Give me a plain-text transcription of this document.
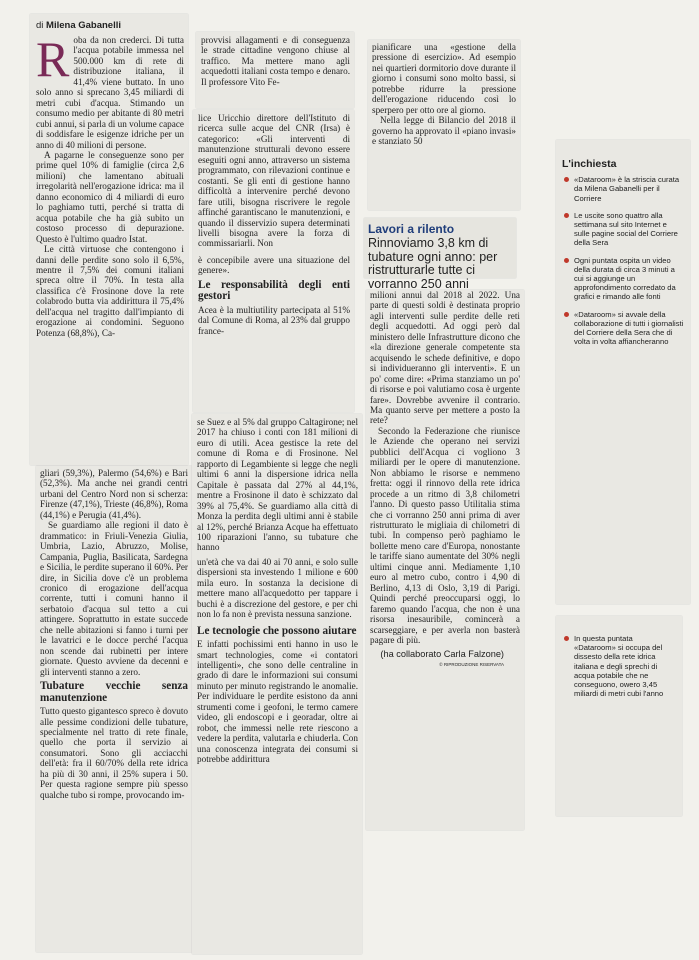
di Milena Gabanelli
R oba da non crederci. Di tutta l'acqua potabile immessa nel 500.000 km di rete di distribuzione italiana, il 41,4% viene buttato. In uno solo anno si sprecano 3,45 miliardi di metri cubi d'acqua. Stimando un consumo medio per abitante di 80 metri cubi annui, si parla di un volume capace di soddisfare le esigenze idriche per un anno di 40 milioni di persone.

A pagarne le conseguenze sono per prime quel 10% di famiglie (circa 2,6 milioni) che lamentano abituali irregolarità nell'erogazione idrica: ma il danno economico di 4 miliardi di euro lo paghiamo tutti, perché si tratta di acqua potabile che ha già subito un costoso processo di depurazione. Questo è l'ultimo quadro Istat.

Le città virtuose che contengono i danni delle perdite sono solo il 6,5%, mentre il 7,5% dei comuni italiani spreca oltre il 70%. In testa alla classifica c'è Frosinone dove la rete colabrodo butta via addirittura il 75,4% dell'acqua nel tragitto dall'impianto di erogazione ai condomini. Seguono Potenza (68,8%), Ca-

gliari (59,3%), Palermo (54,6%) e Bari (52,3%). Ma anche nei grandi centri urbani del Centro Nord non si scherza: Firenze (47,1%), Trieste (46,8%), Roma (44,1%) e Perugia (41,4%).

Se guardiamo alle regioni il dato è drammatico: in Friuli-Venezia Giulia, Umbria, Lazio, Abruzzo, Molise, Campania, Puglia, Basilicata, Sardegna e Sicilia, le perdite superano il 60%. Per dire, in Sicilia dove c'è un problema cronico di erogazione dell'acqua corrente, tutti i comuni hanno il serbatoio d'acqua sul tetto a cui attingere. Soprattutto in estate succede che nelle abitazioni si fanno i turni per le lavatrici e le docce perché l'acqua non scende dai rubinetti per intere giornate. Questo avviene da decenni e gli interventi stanno a zero.

Tubature vecchie senza manutenzione

Tutto questo gigantesco spreco è dovuto alle pessime condizioni delle tubature, specialmente nel tratto di rete finale, quello che porta il servizio ai consumatori. Sono gli acciacchi dell'età: fra il 60/70% della rete idrica ha più di 30 anni, il 25% supera i 50. Per questa ragione sempre più spesso qualche tubo si rompe, provocando im-

provvisi allagamenti e di conseguenza le strade cittadine vengono chiuse al traffico. Ma mettere mano agli acquedotti italiani costa tempo e denaro. Il professore Vito Fe-

lice Uricchio direttore dell'Istituto di ricerca sulle acque del CNR (Irsa) è categorico: «Gli interventi di manutenzione strutturali devono essere eseguiti ogni anno, attraverso un sistema programmato, con rilevazioni continue e costanti. Se gli enti di gestione hanno difficoltà a intervenire perché devono fare utili, bisogna riscrivere le regole affinché garantiscano le manutenzioni, e quando il disservizio supera determinati livelli bisogna avere la forza di commissariarli. Non

è concepibile avere una situazione del genere».

Le responsabilità degli enti gestori

Acea è la multiutility partecipata al 51% dal Comune di Roma, al 23% dal gruppo france-

se Suez e al 5% dal gruppo Caltagirone; nel 2017 ha chiuso i conti con 181 milioni di euro di utili. Acea gestisce la rete del comune di Roma e di Frosinone. Nel rapporto di Legambiente si legge che negli ultimi 6 anni la dispersione idrica nella Capitale è passata dal 27% al 44,1%, mentre a Frosinone il dato è schizzato dal 39% al 75,4%. Se guardiamo alla città di Monza la perdita degli ultimi anni è stabile al 12%, perché Brianza Acque ha effettuato 100 riparazioni l'anno, su tubature che hanno

un'età che va dai 40 ai 70 anni, e solo sulle dispersioni sta investendo 1 milione e 600 mila euro. In sostanza la decisione di mettere mano all'acquedotto per tappare i buchi è a discrezione del gestore, e per chi non lo fa non è prevista nessuna sanzione.

Le tecnologie che possono aiutare

E infatti pochissimi enti hanno in uso le smart technologies, come «i contatori intelligenti», che sono delle centraline in grado di dare le informazioni sui consumi minuto per minuto registrando le anomalie. Per individuare le perdite esistono da anni strumenti come i geofoni, le termo camere video, gli endoscopi e i georadar, oltre ai robot, che immessi nelle rete riescono a vedere la perdita, valutarla e chiuderla. Con una conoscenza integrata dei consumi si potrebbe addirittura

pianificare una «gestione della pressione di esercizio». Ad esempio nei quartieri dormitorio dove durante il giorno i consumi sono molto bassi, si potrebbe ridurre la pressione dell'erogazione riducendo così lo sperpero per otto ore al giorno.

Nella legge di Bilancio del 2018 il governo ha approvato il «piano invasi» e stanziato 50

Lavori a rilento
Rinnoviamo 3,8 km di tubature ogni anno: per ristrutturarle tutte ci vorranno 250 anni

milioni annui dal 2018 al 2022. Una parte di questi soldi è destinata proprio agli interventi sulle perdite delle reti degli acquedotti. Ad oggi però dal ministero delle Infrastrutture dicono che «la direzione generale competente sta acquisendo le schede definitive, e dopo si individueranno gli interventi». E un po' come dire: «Prima stanziamo un po' di risorse e poi valutiamo cosa è urgente fare». Dovrebbe avvenire il contrario. Ma quanto serve per mettere a posto la rete?

Secondo la Federazione che riunisce le Aziende che operano nei servizi pubblici dell'Acqua ci vogliono 3 miliardi per le opere di manutenzione. Non abbiamo le risorse e nemmeno fretta: oggi il rinnovo della rete idrica procede a un ritmo di 3,8 chilometri l'anno. Di questo passo Utilitalia stima che ci vorranno 250 anni prima di aver ristrutturato le migliaia di chilometri di tubi. In compenso però paghiamo le bollette meno care d'Europa, nonostante le tariffe siano aumentate del 30% negli ultimi cinque anni. Mediamente 1,10 euro al metro cubo, contro i 4,90 di Berlino, 4,13 di Oslo, 3,19 di Parigi. Quindi perché preoccuparsi oggi, lo faremo quando l'acqua, che non è una risorsa inesauribile, comincerà a scarseggiare, e per averla non basterà pagare di più.

(ha collaborato Carla Falzone)
© RIPRODUZIONE RISERVATA
L'inchiesta
«Dataroom» è la striscia curata da Milena Gabanelli per il Corriere
Le uscite sono quattro alla settimana sul sito Internet e sulle pagine social del Corriere della Sera
Ogni puntata ospita un video della durata di circa 3 minuti a cui si aggiunge un approfondimento corredato da grafici e rimando alle fonti
«Dataroom» si avvale della collaborazione di tutti i giornalisti del Corriere della Sera che di volta in volta affiancheranno
In questa puntata «Dataroom» si occupa del dissesto della rete idrica italiana e degli sprechi di acqua potabile che ne conseguono, owero 3,45 miliardi di metri cubi l'anno
